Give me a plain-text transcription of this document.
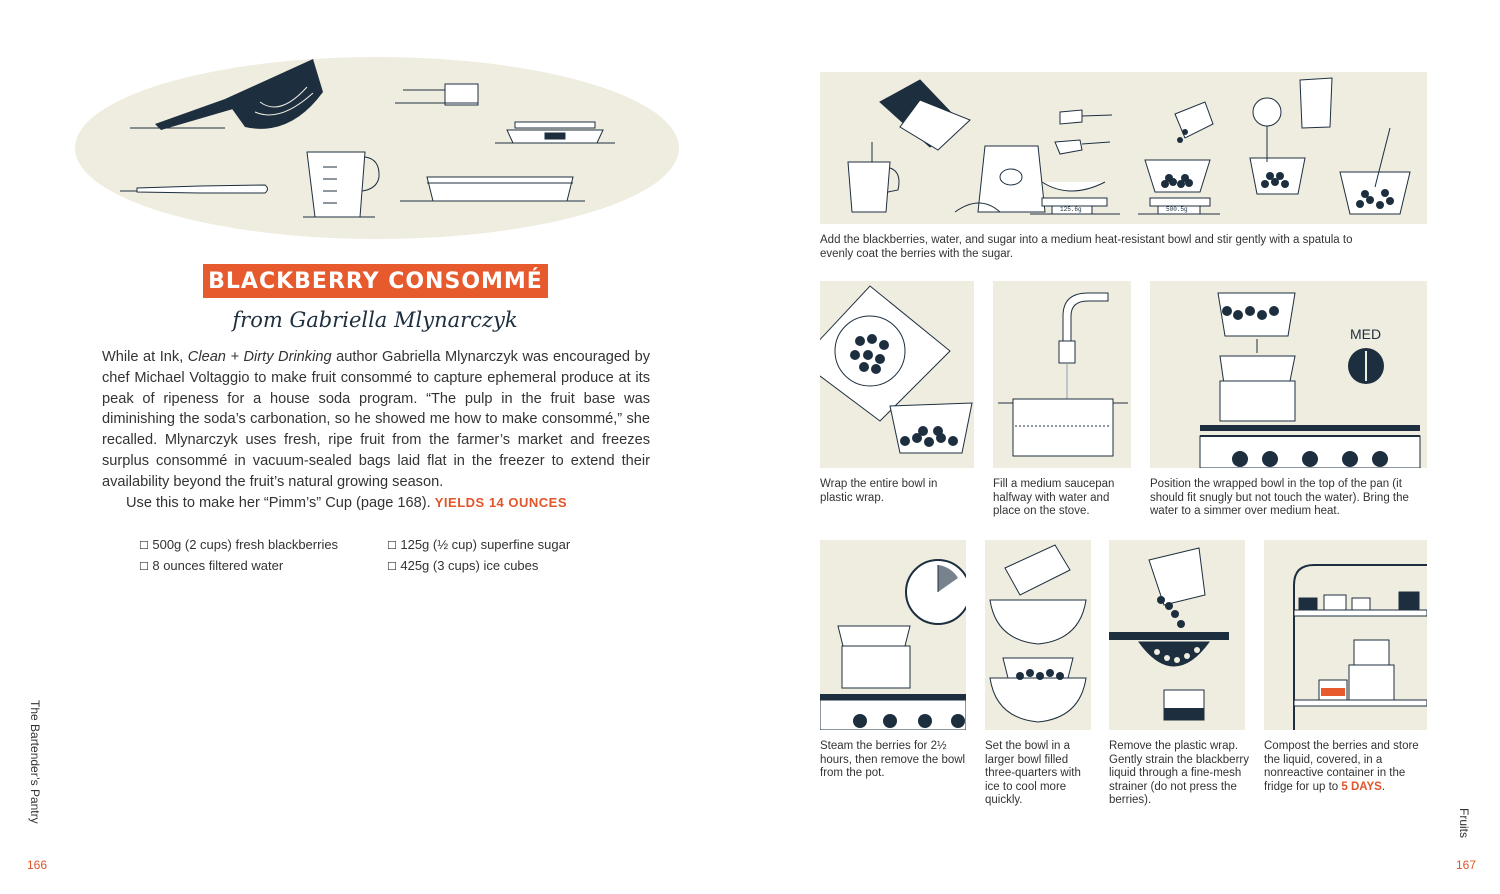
BLACKBERRY CONSOMMÉ
from Gabriella Mlynarczyk

While at Ink, Clean + Dirty Drinking author Gabriella Mlynarczyk was encouraged by chef Michael Voltaggio to make fruit consommé to capture ephemeral produce at its peak of ripeness for a house soda program. “The pulp in the fruit base was diminishing the soda’s carbonation, so he showed me how to make consommé,” she recalled. Mlynarczyk uses fresh, ripe fruit from the farmer’s market and freezes surplus consommé in vacuum-sealed bags laid flat in the freezer to extend their availability beyond the fruit’s natural growing season.

Use this to make her “Pimm’s” Cup (page 168). YIELDS 14 OUNCES

☐ 500g (2 cups) fresh blackberries
☐ 8 ounces filtered water
☐ 125g (½ cup) superfine sugar
☐ 425g (3 cups) ice cubes
The Bartender’s Pantry
166
125.6g	500.5g
Add the blackberries, water, and sugar into a medium heat-resistant bowl and stir gently with a spatula to evenly coat the berries with the sugar.
Wrap the entire bowl in plastic wrap.
Fill a medium saucepan halfway with water and place on the stove.
MED
Position the wrapped bowl in the top of the pan (it should fit snugly but not touch the water). Bring the water to a simmer over medium heat.
Steam the berries for 2½ hours, then remove the bowl from the pot.
Set the bowl in a larger bowl filled three-quarters with ice to cool more quickly.
Remove the plastic wrap. Gently strain the blackberry liquid through a fine-mesh strainer (do not press the berries).
Compost the berries and store the liquid, covered, in a nonreactive container in the fridge for up to 5 DAYS.
Fruits
167
